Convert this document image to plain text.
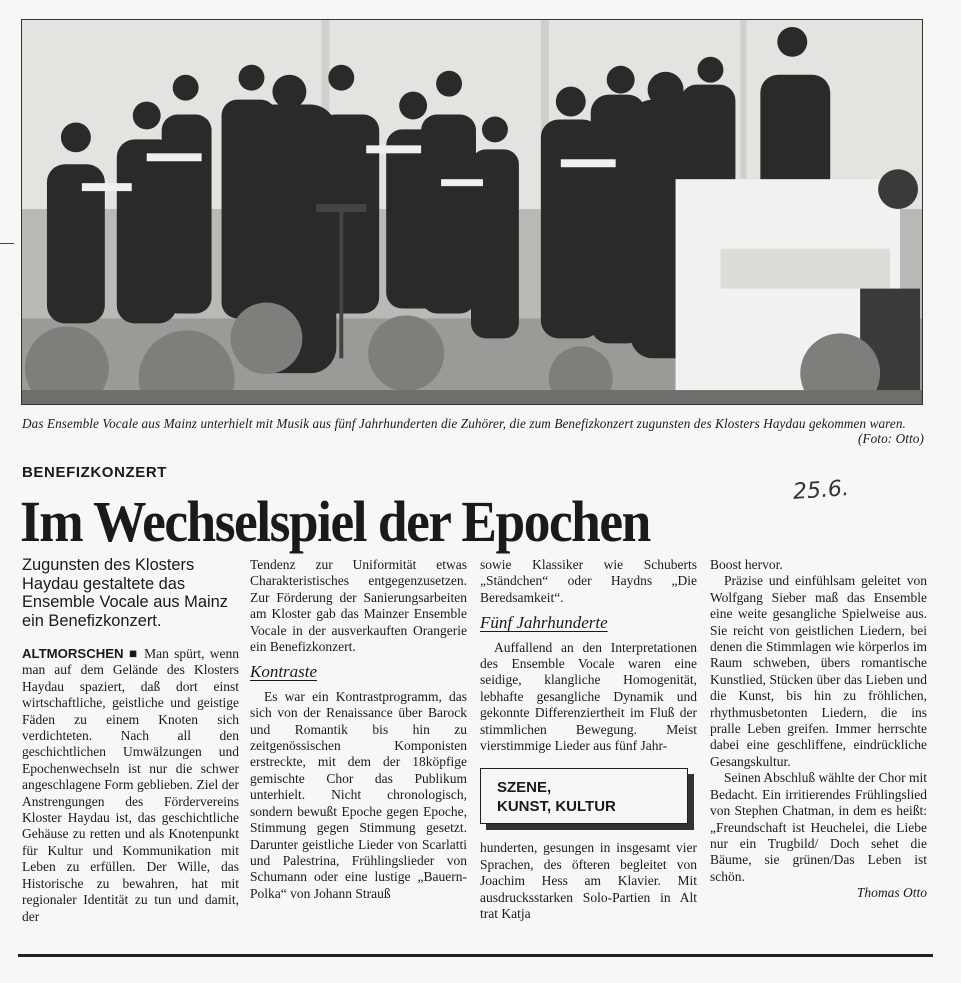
Das Ensemble Vocale aus Mainz unterhielt mit Musik aus fünf Jahrhunderten die Zuhörer, die zum Benefizkonzert zugunsten des Klosters Haydau gekommen waren.
(Foto: Otto)
BENEFIZKONZERT
25.6.
Im Wechselspiel der Epochen

Zugunsten des Klosters Haydau gestaltete das Ensemble Vocale aus Mainz ein Benefizkonzert.

ALTMORSCHEN ■ Man spürt, wenn man auf dem Gelände des Klosters Haydau spaziert, daß dort einst wirtschaftliche, geistliche und geistige Fäden zu einem Knoten sich verdichteten. Nach all den geschichtlichen Umwälzungen und Epochenwechseln ist nur die schwer angeschlagene Form geblieben. Ziel der Anstrengungen des Fördervereins Kloster Haydau ist, das geschichtliche Gehäuse zu retten und als Knotenpunkt für Kultur und Kommunikation mit Leben zu erfüllen. Der Wille, das Historische zu bewahren, hat mit regionaler Identität zu tun und damit, der

Tendenz zur Uniformität etwas Charakteristisches entgegenzusetzen. Zur Förderung der Sanierungsarbeiten am Kloster gab das Mainzer Ensemble Vocale in der ausverkauften Orangerie ein Benefizkonzert.

Kontraste

Es war ein Kontrastprogramm, das sich von der Renaissance über Barock und Romantik bis hin zu zeitgenössischen Komponisten erstreckte, mit dem der 18köpfige gemischte Chor das Publikum unterhielt. Nicht chronologisch, sondern bewußt Epoche gegen Epoche, Stimmung gegen Stimmung gesetzt. Darunter geistliche Lieder von Scarlatti und Palestrina, Frühlingslieder von Schumann oder eine lustige „Bauern-Polka“ von Johann Strauß

sowie Klassiker wie Schuberts „Ständchen“ oder Haydns „Die Beredsamkeit“.

Fünf Jahrhunderte

Auffallend an den Interpretationen des Ensemble Vocale waren eine seidige, klangliche Homogenität, lebhafte gesangliche Dynamik und gekonnte Differenziertheit im Fluß der stimmlichen Bewegung. Meist vierstimmige Lieder aus fünf Jahr-

SZENE,
KUNST, KULTUR

hunderten, gesungen in insgesamt vier Sprachen, des öfteren begleitet von Joachim Hess am Klavier. Mit ausdrucksstarken Solo-Partien in Alt trat Katja

Boost hervor.

Präzise und einfühlsam geleitet von Wolfgang Sieber maß das Ensemble eine weite gesangliche Spielweise aus. Sie reicht von geistlichen Liedern, bei denen die Stimmlagen wie körperlos im Raum schweben, übers romantische Kunstlied, Stücken über das Lieben und die Kunst, bis hin zu fröhlichen, rhythmusbetonten Liedern, die ins pralle Leben greifen. Immer herrschte dabei eine geschliffene, eindrückliche Gesangskultur.

Seinen Abschluß wählte der Chor mit Bedacht. Ein irritierendes Frühlingslied von Stephen Chatman, in dem es heißt: „Freundschaft ist Heuchelei, die Liebe nur ein Trugbild/ Doch sehet die Bäume, sie grünen/Das Leben ist schön.

Thomas Otto
